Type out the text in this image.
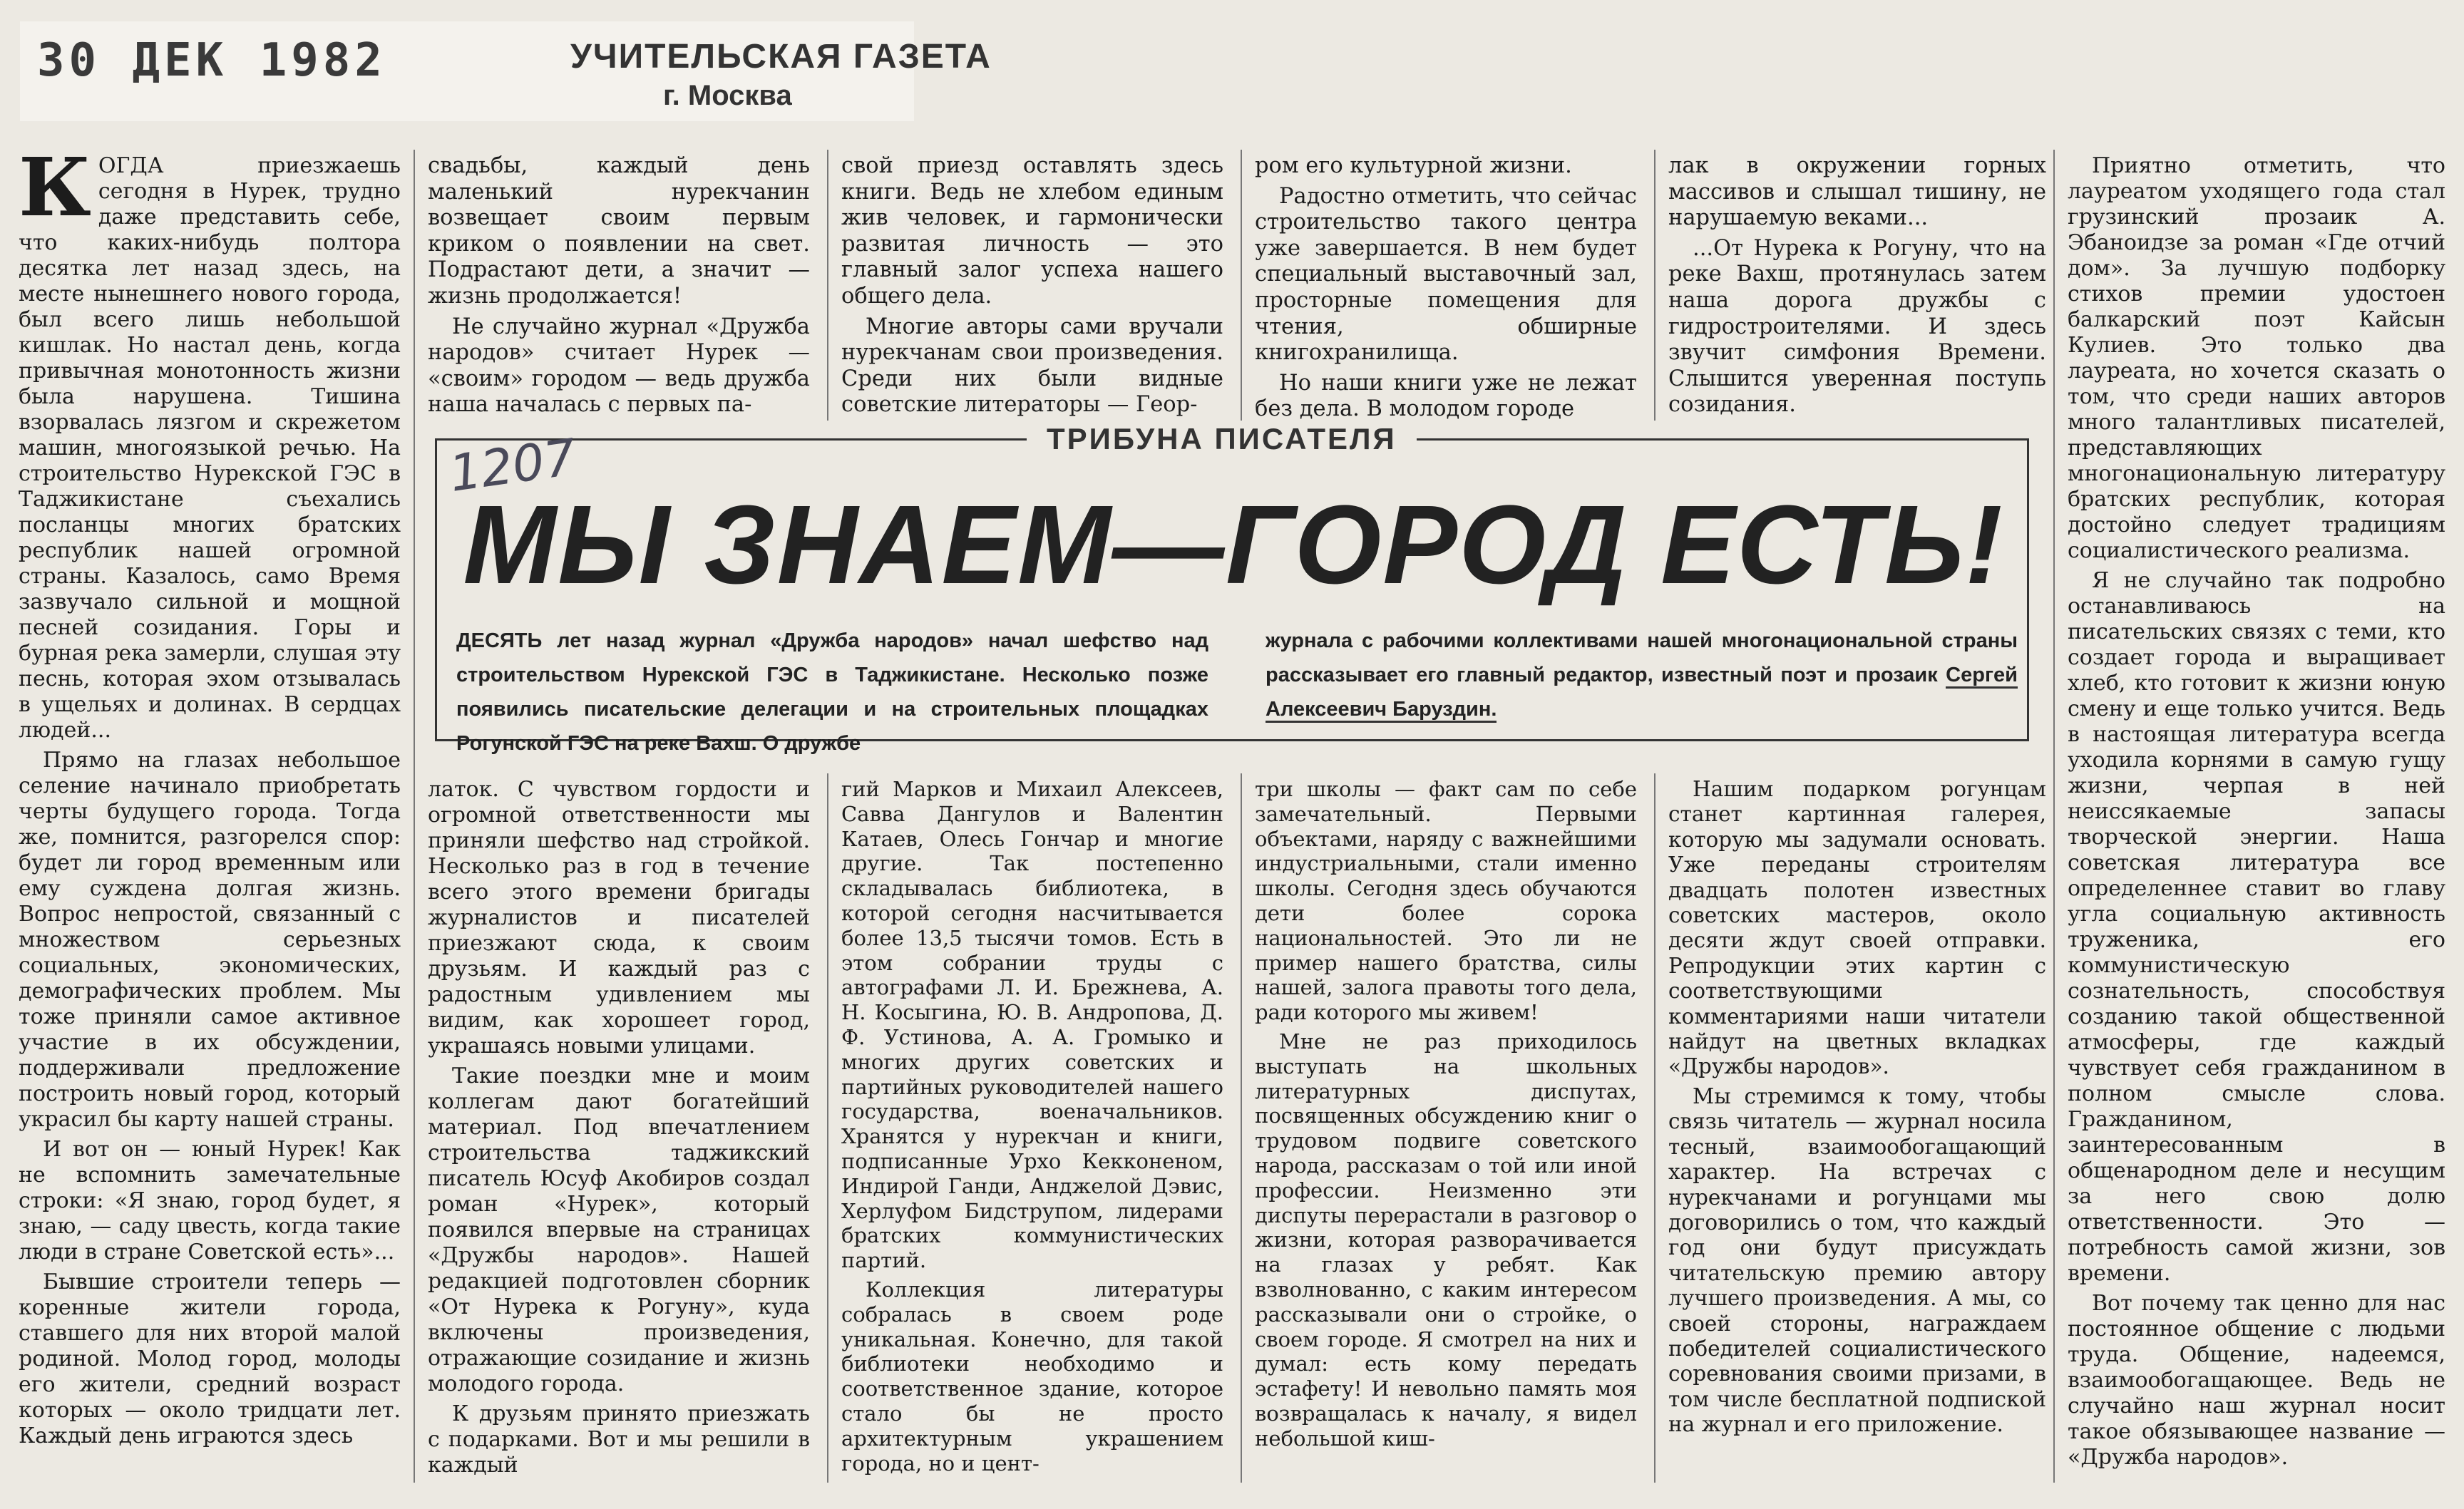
30 ДЕК 1982	УЧИТЕЛЬСКАЯ ГАЗЕТА
г. Москва

КОГДА приезжаешь сегодня в Нурек, трудно даже представить себе, что каких-нибудь полтора десятка лет назад здесь, на месте нынешнего нового города, был всего лишь небольшой кишлак. Но настал день, когда привычная монотонность жизни была нарушена. Тишина взорвалась лязгом и скрежетом машин, многоязыкой речью. На строительство Нурекской ГЭС в Таджикистане съехались посланцы многих братских республик нашей огромной страны. Казалось, само Время зазвучало сильной и мощной песней созидания. Горы и бурная река замерли, слушая эту песнь, которая эхом отзывалась в ущельях и долинах. В сердцах людей...

Прямо на глазах небольшое селение начинало приобретать черты будущего города. Тогда же, помнится, разгорелся спор: будет ли город временным или ему суждена долгая жизнь. Вопрос непростой, связанный с множеством серьезных социальных, экономических, демографических проблем. Мы тоже приняли самое активное участие в их обсуждении, поддерживали предложение построить новый город, который украсил бы карту нашей страны.

И вот он — юный Нурек! Как не вспомнить замечательные строки: «Я знаю, город будет, я знаю, — саду цвесть, когда такие люди в стране Советской есть»...

Бывшие строители теперь — коренные жители города, ставшего для них второй малой родиной. Молод город, молоды его жители, средний возраст которых — около тридцати лет. Каждый день играются здесь

свадьбы, каждый день маленький нурекчанин возвещает своим первым криком о появлении на свет. Подрастают дети, а значит — жизнь продолжается!

Не случайно журнал «Дружба народов» считает Нурек — «своим» городом — ведь дружба наша началась с первых па-

свой приезд оставлять здесь книги. Ведь не хлебом единым жив человек, и гармонически развитая личность — это главный залог успеха нашего общего дела.

Многие авторы сами вручали нурекчанам свои произведения. Среди них были видные советские литераторы — Геор-

ром его культурной жизни.

Радостно отметить, что сейчас строительство такого центра уже завершается. В нем будет специальный выставочный зал, просторные помещения для чтения, обширные книгохранилища.

Но наши книги уже не лежат без дела. В молодом городе

лак в окружении горных массивов и слышал тишину, не нарушаемую веками...

...От Нурека к Рогуну, что на реке Вахш, протянулась затем наша дорога дружбы с гидростроителями. И здесь звучит симфония Времени. Слышится уверенная поступь созидания.

Приятно отметить, что лауреатом уходящего года стал грузинский прозаик А. Эбаноидзе за роман «Где отчий дом». За лучшую подборку стихов премии удостоен балкарский поэт Кайсын Кулиев. Это только два лауреата, но хочется сказать о том, что среди наших авторов много талантливых писателей, представляющих многонациональную литературу братских республик, которая достойно следует традициям социалистического реализма.

Я не случайно так подробно останавливаюсь на писательских связях с теми, кто создает города и выращивает хлеб, кто готовит к жизни юную смену и еще только учится. Ведь в настоящая литература всегда уходила корнями в самую гущу жизни, черпая в ней неиссякаемые запасы творческой энергии. Наша советская литература все определеннее ставит во главу угла социальную активность труженика, его коммунистическую сознательность, способствуя созданию такой общественной атмосферы, где каждый чувствует себя гражданином в полном смысле слова. Гражданином, заинтересованным в общенародном деле и несущим за него свою долю ответственности. Это — потребность самой жизни, зов времени.

Вот почему так ценно для нас постоянное общение с людьми труда. Общение, надеемся, взаимообогащающее. Ведь не случайно наш журнал носит такое обязывающее название — «Дружба народов».

ТРИБУНА ПИСАТЕЛЯ
1207
МЫ ЗНАЕМ—ГОРОД ЕСТЬ!
ДЕСЯТЬ лет назад журнал «Дружба народов» начал шефство над строительством Нурекской ГЭС в Таджикистане. Несколько позже появились писательские делегации и на строительных площадках Рогунской ГЭС на реке Вахш. О дружбе
журнала с рабочими коллективами нашей многонациональной страны рассказывает его главный редактор, известный поэт и прозаик Сергей Алексеевич Баруздин.

латок. С чувством гордости и огромной ответственности мы приняли шефство над стройкой. Несколько раз в год в течение всего этого времени бригады журналистов и писателей приезжают сюда, к своим друзьям. И каждый раз с радостным удивлением мы видим, как хорошеет город, украшаясь новыми улицами.

Такие поездки мне и моим коллегам дают богатейший материал. Под впечатлением строительства таджикский писатель Юсуф Акобиров создал роман «Нурек», который появился впервые на страницах «Дружбы народов». Нашей редакцией подготовлен сборник «От Нурека к Рогуну», куда включены произведения, отражающие созидание и жизнь молодого города.

К друзьям принято приезжать с подарками. Вот и мы решили в каждый

гий Марков и Михаил Алексеев, Савва Дангулов и Валентин Катаев, Олесь Гончар и многие другие. Так постепенно складывалась библиотека, в которой сегодня насчитывается более 13,5 тысячи томов. Есть в этом собрании труды с автографами Л. И. Брежнева, А. Н. Косыгина, Ю. В. Андропова, Д. Ф. Устинова, А. А. Громыко и многих других советских и партийных руководителей нашего государства, военачальников. Хранятся у нурекчан и книги, подписанные Урхо Кекконеном, Индирой Ганди, Анджелой Дэвис, Херлуфом Бидструпом, лидерами братских коммунистических партий.

Коллекция литературы собралась в своем роде уникальная. Конечно, для такой библиотеки необходимо и соответственное здание, которое стало бы не просто архитектурным украшением города, но и цент-

три школы — факт сам по себе замечательный. Первыми объектами, наряду с важнейшими индустриальными, стали именно школы. Сегодня здесь обучаются дети более сорока национальностей. Это ли не пример нашего братства, силы нашей, залога правоты того дела, ради которого мы живем!

Мне не раз приходилось выступать на школьных литературных диспутах, посвященных обсуждению книг о трудовом подвиге советского народа, рассказам о той или иной профессии. Неизменно эти диспуты перерастали в разговор о жизни, которая разворачивается на глазах у ребят. Как взволнованно, с каким интересом рассказывали они о стройке, о своем городе. Я смотрел на них и думал: есть кому передать эстафету! И невольно память моя возвращалась к началу, я видел небольшой киш-

Нашим подарком рогунцам станет картинная галерея, которую мы задумали основать. Уже переданы строителям двадцать полотен известных советских мастеров, около десяти ждут своей отправки. Репродукции этих картин с соответствующими комментариями наши читатели найдут на цветных вкладках «Дружбы народов».

Мы стремимся к тому, чтобы связь читатель — журнал носила тесный, взаимообогащающий характер. На встречах с нурекчанами и рогунцами мы договорились о том, что каждый год они будут присуждать читательскую премию автору лучшего произведения. А мы, со своей стороны, награждаем победителей социалистического соревнования своими призами, в том числе бесплатной подпиской на журнал и его приложение.
